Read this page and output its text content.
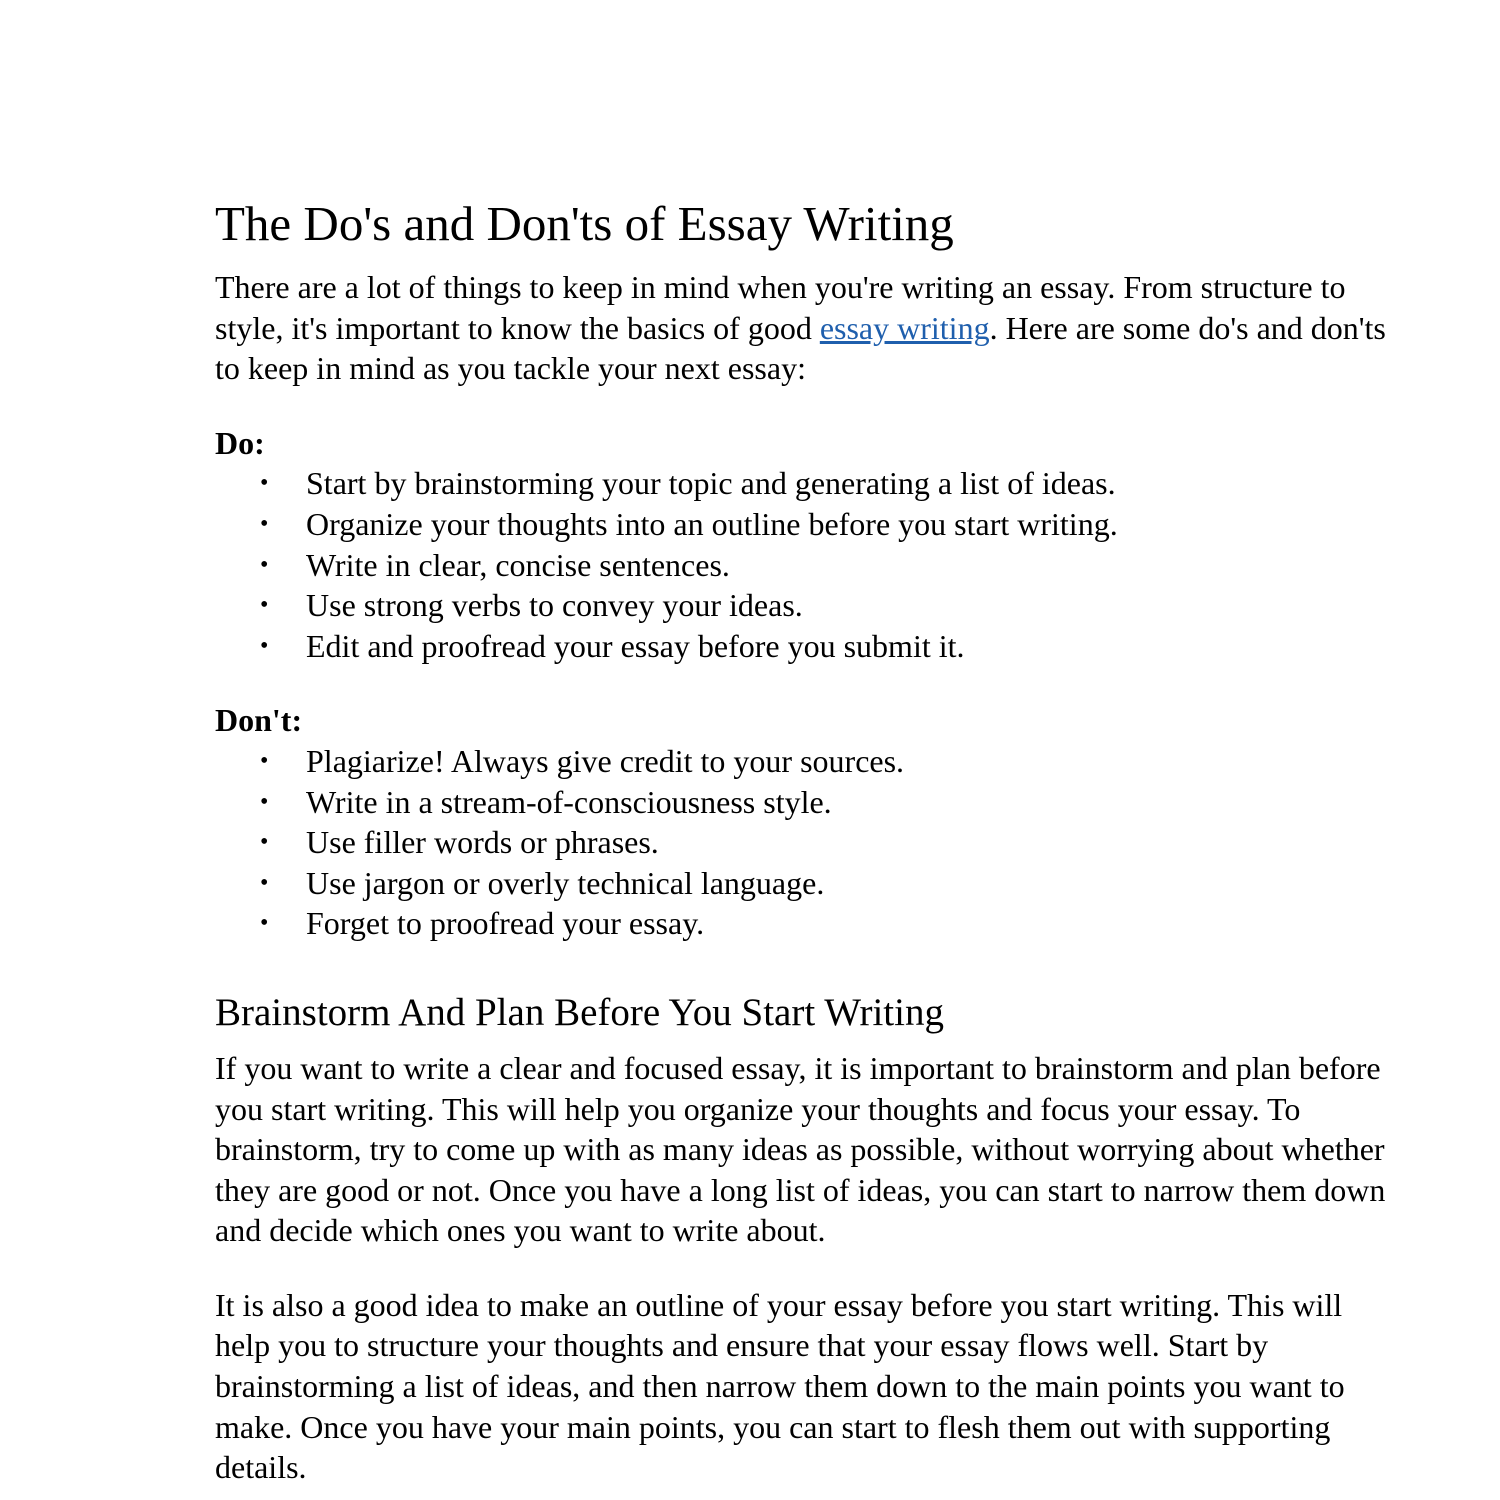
The Do's and Don'ts of Essay Writing

There are a lot of things to keep in mind when you're writing an essay. From structure to style, it's important to know the basics of good essay writing. Here are some do's and don'ts to keep in mind as you tackle your next essay:

Do:
• Start by brainstorming your topic and generating a list of ideas.
• Organize your thoughts into an outline before you start writing.
• Write in clear, concise sentences.
• Use strong verbs to convey your ideas.
• Edit and proofread your essay before you submit it.
Don't:
• Plagiarize! Always give credit to your sources.
• Write in a stream-of-consciousness style.
• Use filler words or phrases.
• Use jargon or overly technical language.
• Forget to proofread your essay.
Brainstorm And Plan Before You Start Writing

If you want to write a clear and focused essay, it is important to brainstorm and plan before you start writing. This will help you organize your thoughts and focus your essay. To brainstorm, try to come up with as many ideas as possible, without worrying about whether they are good or not. Once you have a long list of ideas, you can start to narrow them down and decide which ones you want to write about.

It is also a good idea to make an outline of your essay before you start writing. This will help you to structure your thoughts and ensure that your essay flows well. Start by brainstorming a list of ideas, and then narrow them down to the main points you want to make. Once you have your main points, you can start to flesh them out with supporting details.
